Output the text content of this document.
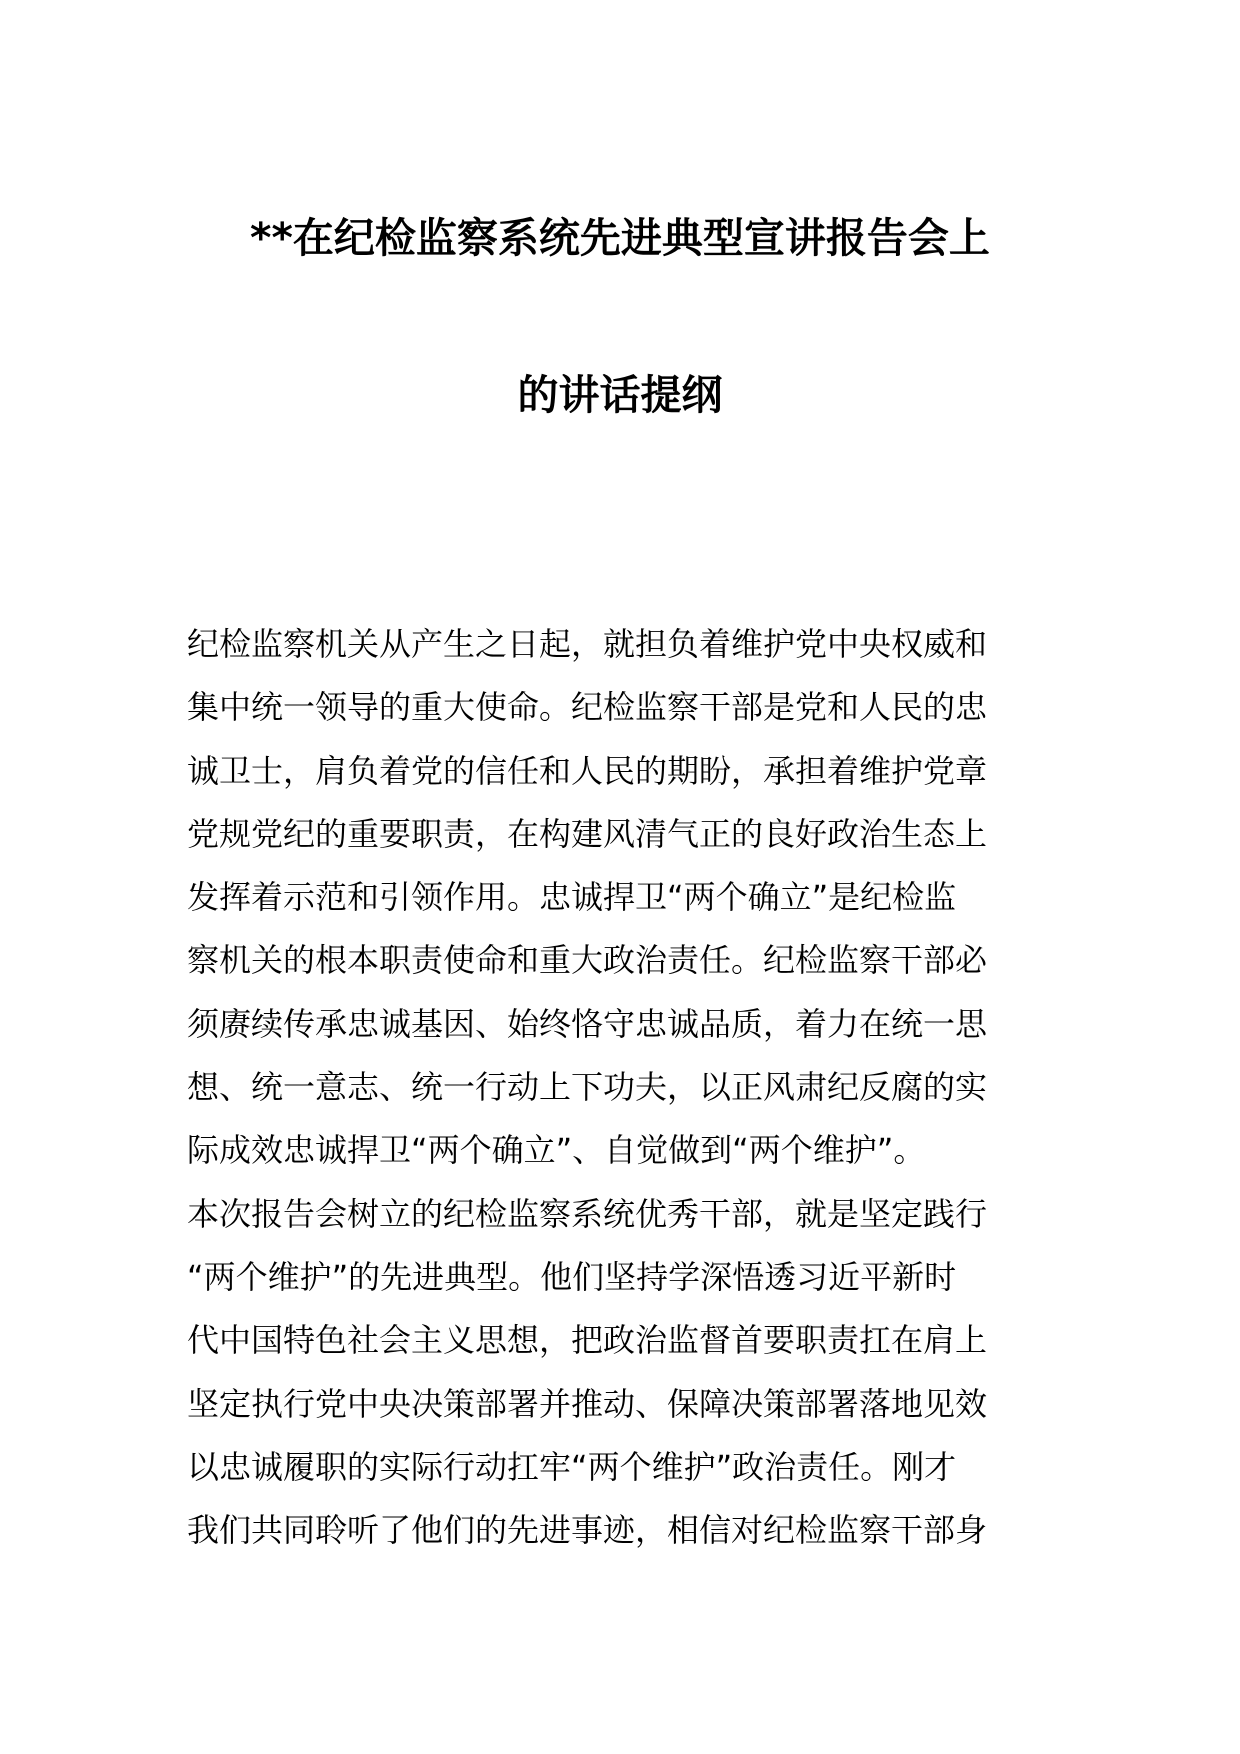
**在纪检监察系统先进典型宣讲报告会上
的讲话提纲
纪检监察机关从产生之日起，就担负着维护党中央权威和
集中统一领导的重大使命。纪检监察干部是党和人民的忠
诚卫士，肩负着党的信任和人民的期盼，承担着维护党章
党规党纪的重要职责，在构建风清气正的良好政治生态上
发挥着示范和引领作用。忠诚捍卫“两个确立”是纪检监
察机关的根本职责使命和重大政治责任。纪检监察干部必
须赓续传承忠诚基因、始终恪守忠诚品质，着力在统一思
想、统一意志、统一行动上下功夫，以正风肃纪反腐的实
际成效忠诚捍卫“两个确立”、自觉做到“两个维护”。
本次报告会树立的纪检监察系统优秀干部，就是坚定践行
“两个维护”的先进典型。他们坚持学深悟透习近平新时
代中国特色社会主义思想，把政治监督首要职责扛在肩上
坚定执行党中央决策部署并推动、保障决策部署落地见效
以忠诚履职的实际行动扛牢“两个维护”政治责任。刚才
我们共同聆听了他们的先进事迹，相信对纪检监察干部身
